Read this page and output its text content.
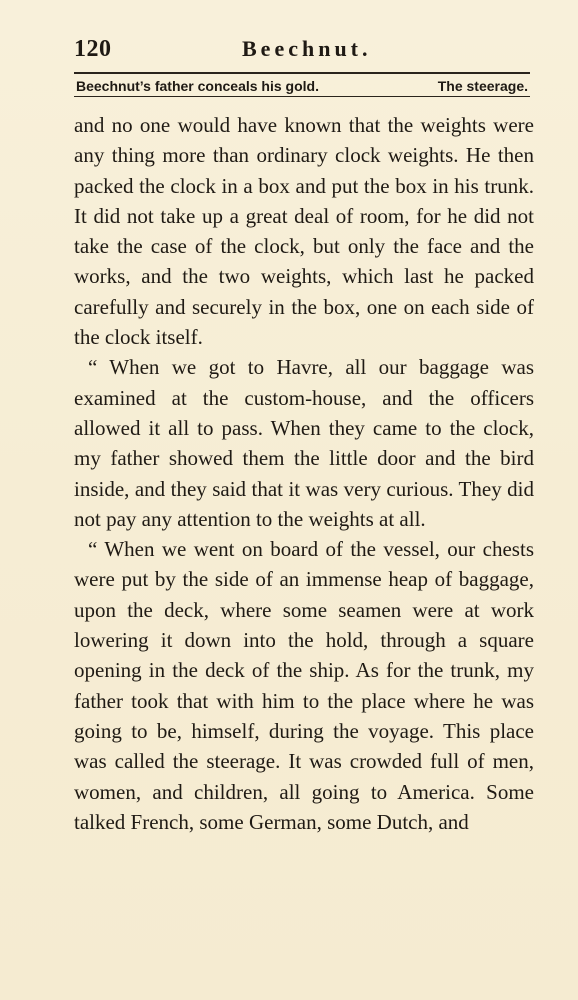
120	Beechnut.
Beechnut’s father conceals his gold.	The steerage.

and no one would have known that the weights were any thing more than ordinary clock weights. He then packed the clock in a box and put the box in his trunk. It did not take up a great deal of room, for he did not take the case of the clock, but only the face and the works, and the two weights, which last he packed carefully and securely in the box, one on each side of the clock itself.

“ When we got to Havre, all our baggage was examined at the custom-house, and the officers allowed it all to pass. When they came to the clock, my father showed them the little door and the bird inside, and they said that it was very curious. They did not pay any attention to the weights at all.

“ When we went on board of the vessel, our chests were put by the side of an immense heap of baggage, upon the deck, where some seamen were at work lowering it down into the hold, through a square opening in the deck of the ship. As for the trunk, my father took that with him to the place where he was going to be, himself, during the voyage. This place was called the steerage. It was crowded full of men, women, and children, all going to America. Some talked French, some German, some Dutch, and
